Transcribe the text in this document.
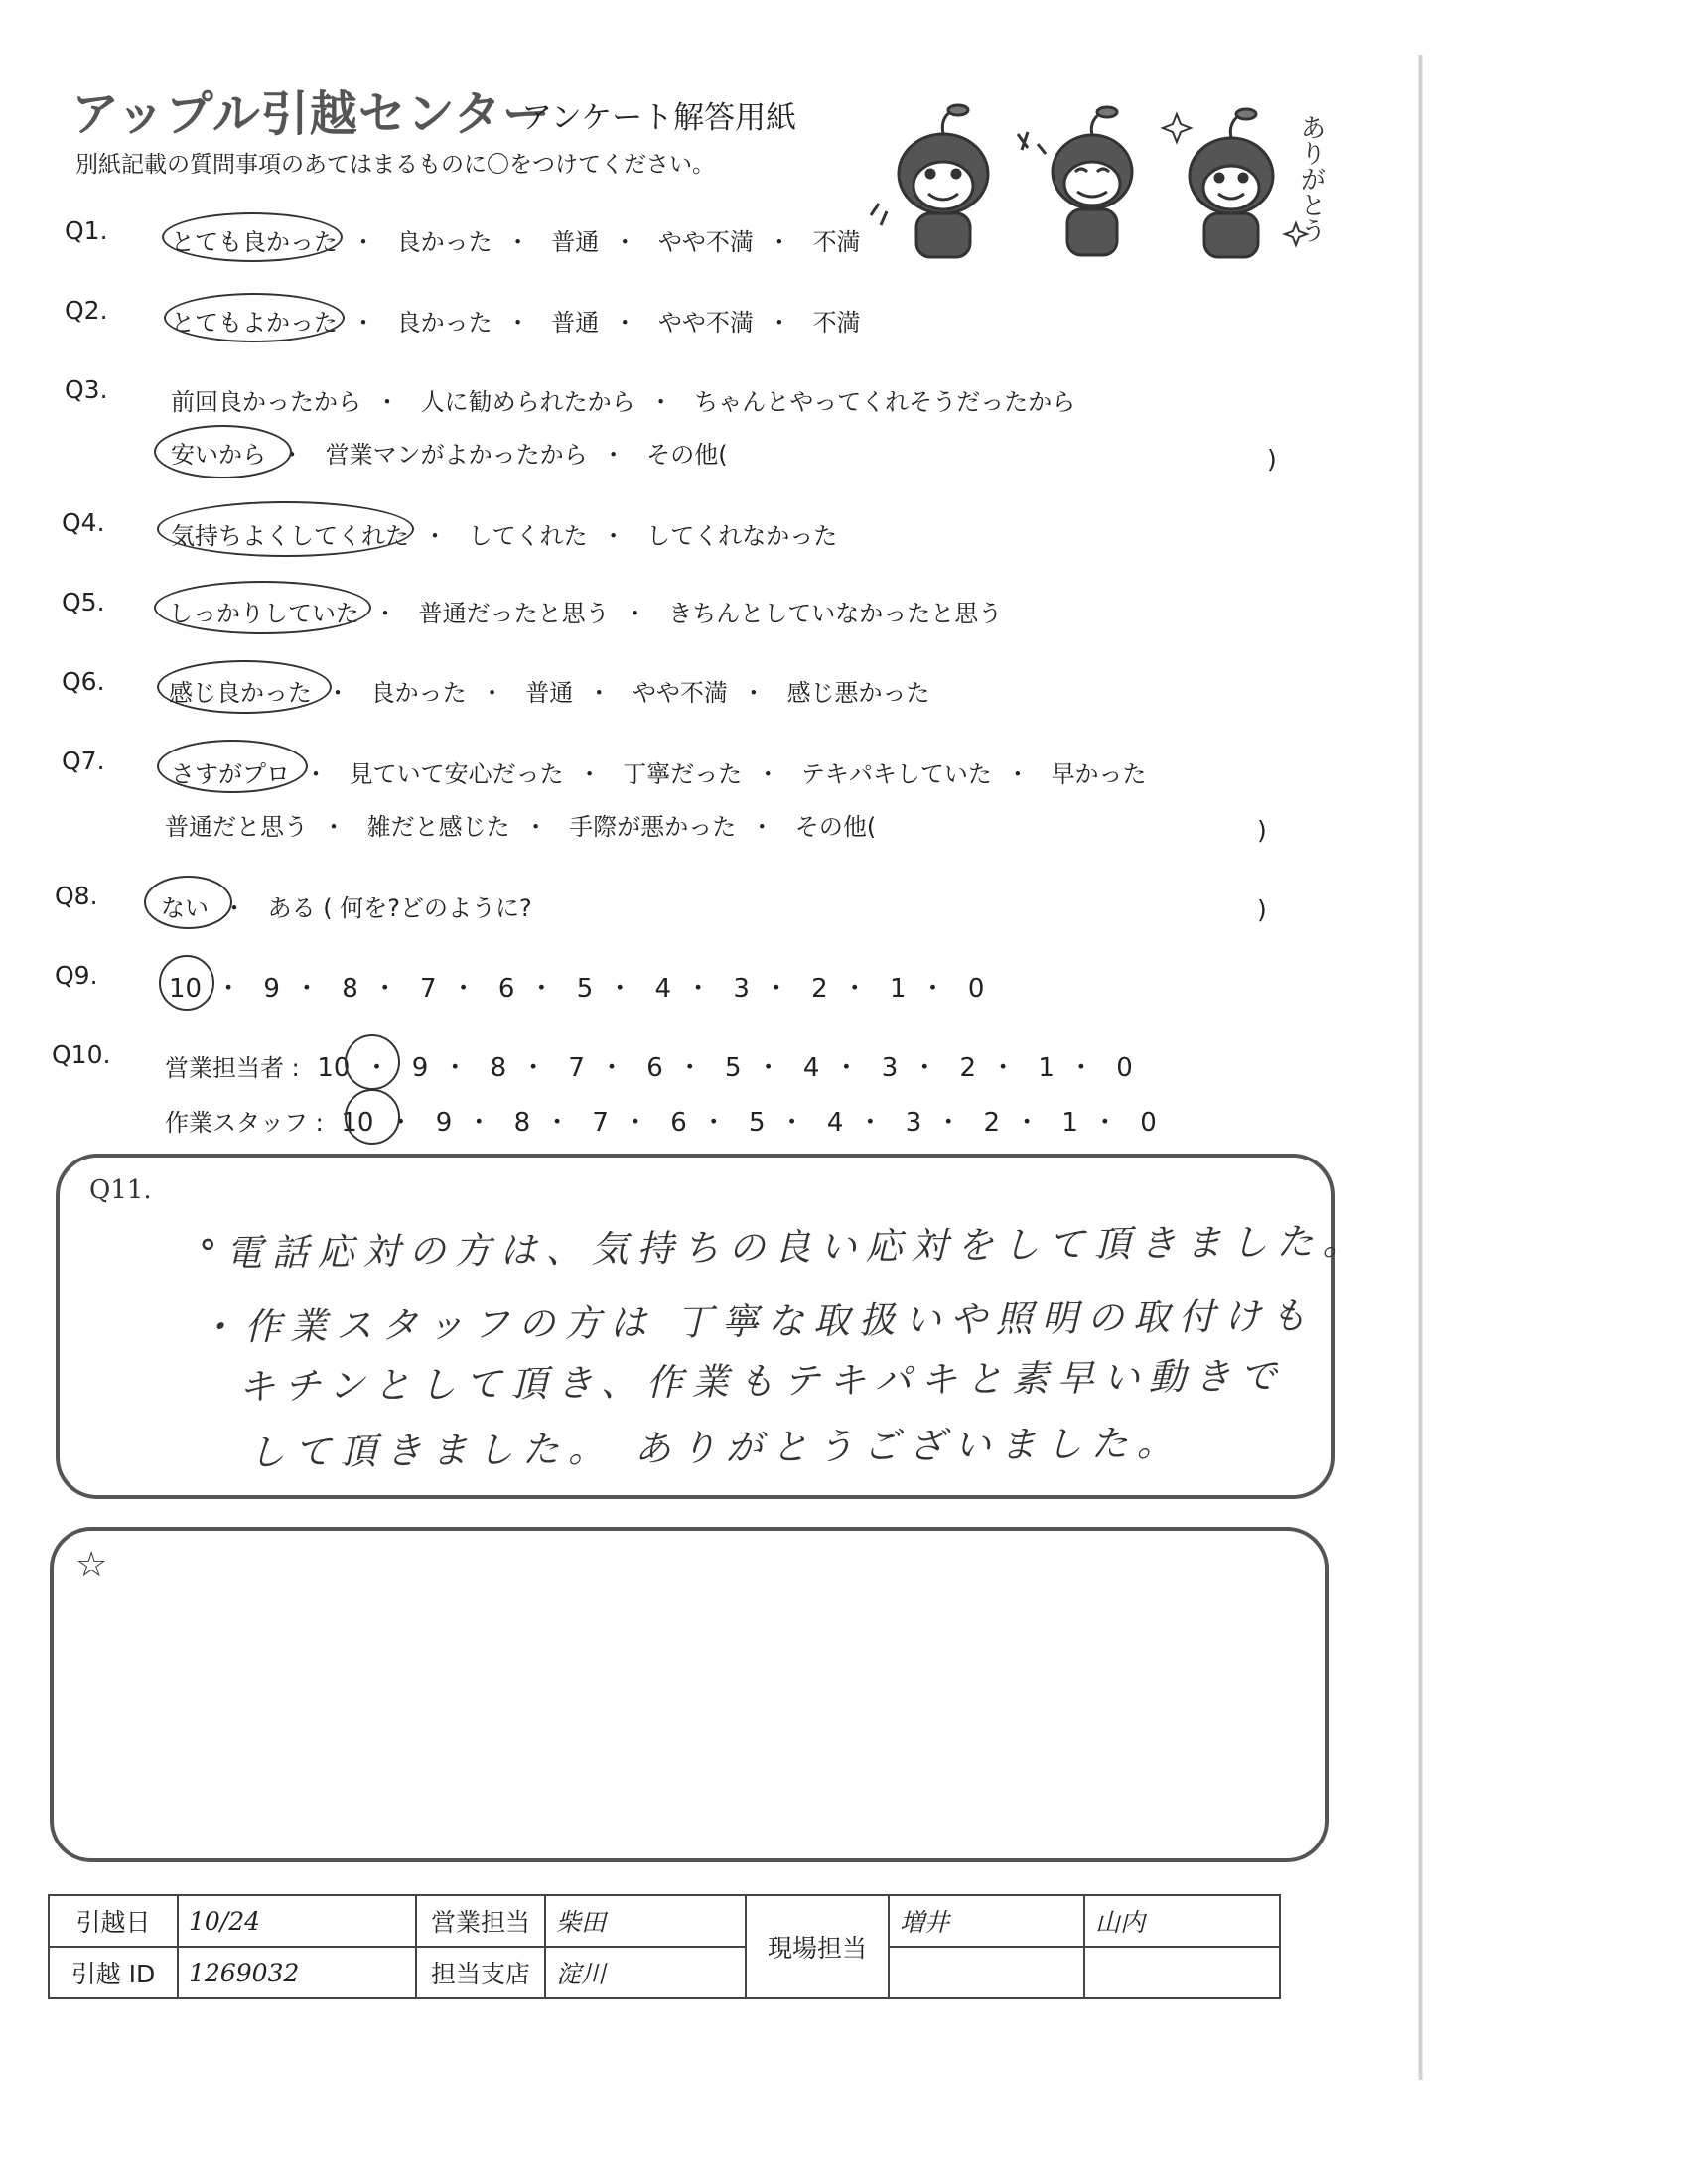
アップル引越センター
アンケート解答用紙
別紙記載の質問事項のあてはまるものに〇をつけてください。	ありがとう
Q1.	とても良かった ・ 良かった ・ 普通 ・ やや不満 ・ 不満
Q2.	とてもよかった ・ 良かった ・ 普通 ・ やや不満 ・ 不満
Q3.	前回良かったから ・ 人に勧められたから ・ ちゃんとやってくれそうだったから
安いから ・ 営業マンがよかったから ・ その他(	)
Q4.	気持ちよくしてくれた ・ してくれた ・ してくれなかった
Q5.	しっかりしていた ・ 普通だったと思う ・ きちんとしていなかったと思う
Q6.	感じ良かった ・ 良かった ・ 普通 ・ やや不満 ・ 感じ悪かった
Q7.	さすがプロ ・ 見ていて安心だった ・ 丁寧だった ・ テキパキしていた ・ 早かった
普通だと思う ・ 雑だと感じた ・ 手際が悪かった ・ その他(	)
Q8.	ない ・ ある ( 何を?どのように?	)
Q9.	10 ・ 9 ・ 8 ・ 7 ・ 6 ・ 5 ・ 4 ・ 3 ・ 2 ・ 1 ・ 0
Q10. 営業担当者 : 10 ・ 9 ・ 8 ・ 7 ・ 6 ・ 5 ・ 4 ・ 3 ・ 2 ・ 1 ・ 0
作業スタッフ : 10 ・ 9 ・ 8 ・ 7 ・ 6 ・ 5 ・ 4 ・ 3 ・ 2 ・ 1 ・ 0
Q11.
°電話応対の方は、気持ちの良い応対をして頂きました。
・作業スタッフの方は 丁寧な取扱いや照明の取付けも
キチンとして頂き、作業もテキパキと素早い動きで
して頂きました。 ありがとうございました。
☆
引越日	10/24	営業担当	柴田	現場担当	増井	山内
引越 ID	1269032	担当支店	淀川			
